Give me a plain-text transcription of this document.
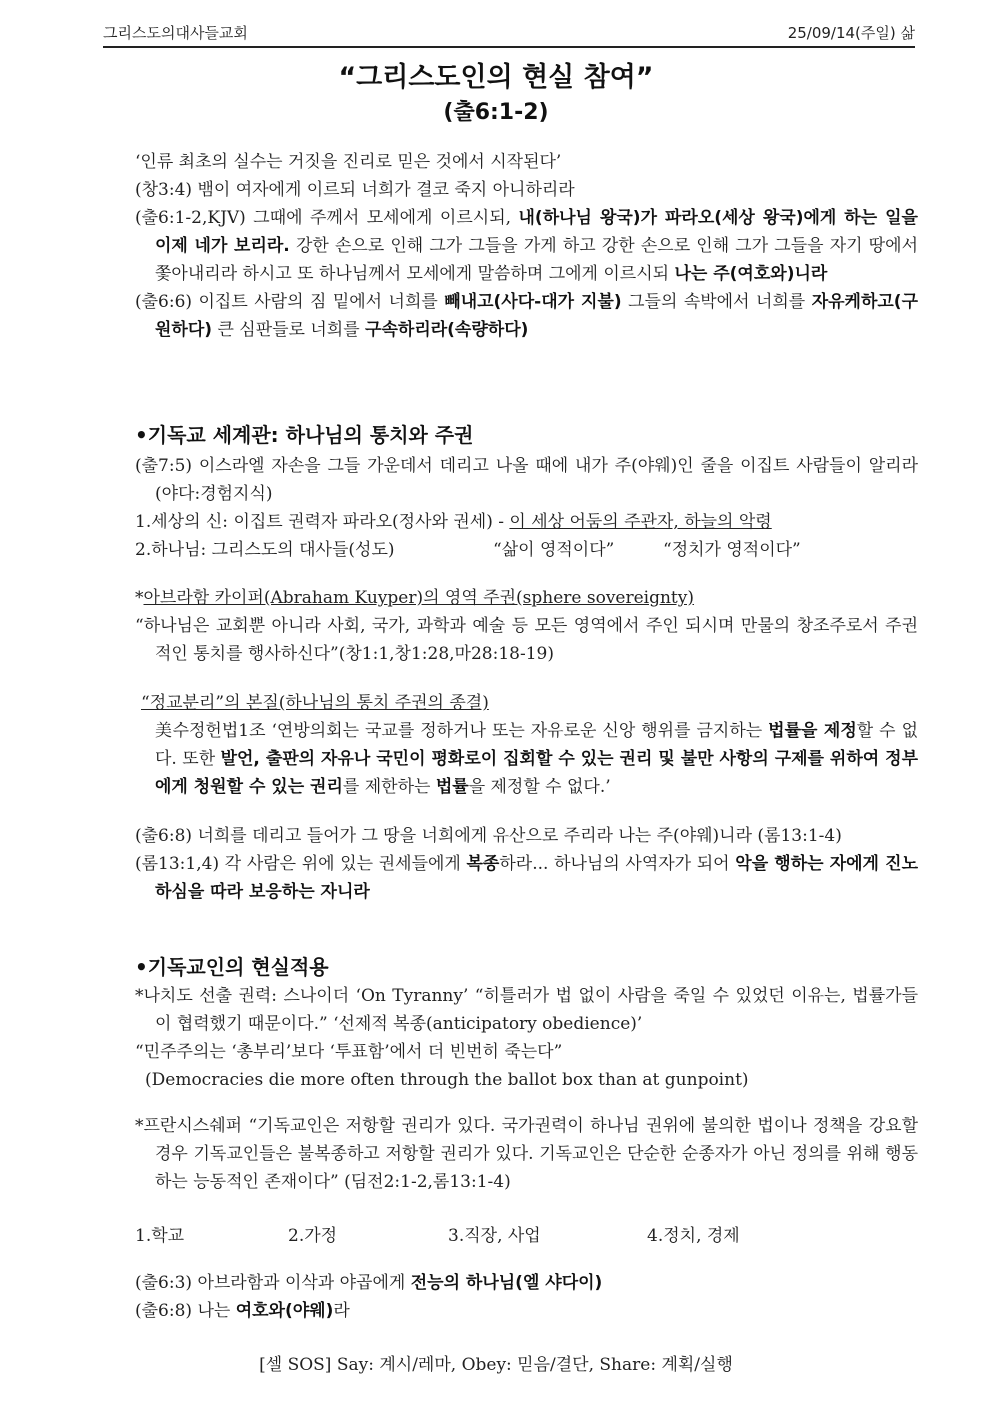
그리스도의대사들교회	25/09/14(주일) 삶
“그리스도인의 현실 참여”
(출6:1-2)

‘인류 최초의 실수는 거짓을 진리로 믿은 것에서 시작된다’

(창3:4) 뱀이 여자에게 이르되 너희가 결코 죽지 아니하리라

(출6:1-2,KJV) 그때에 주께서 모세에게 이르시되, 내(하나님 왕국)가 파라오(세상 왕국)에게 하는 일을 이제 네가 보리라. 강한 손으로 인해 그가 그들을 가게 하고 강한 손으로 인해 그가 그들을 자기 땅에서 쫓아내리라 하시고 또 하나님께서 모세에게 말씀하며 그에게 이르시되 나는 주(여호와)니라

(출6:6) 이집트 사람의 짐 밑에서 너희를 빼내고(사다-대가 지불) 그들의 속박에서 너희를 자유케하고(구원하다) 큰 심판들로 너희를 구속하리라(속량하다)

•기독교 세계관: 하나님의 통치와 주권

(출7:5) 이스라엘 자손을 그들 가운데서 데리고 나올 때에 내가 주(야웨)인 줄을 이집트 사람들이 알리라(야다:경험지식)

1.세상의 신: 이집트 권력자 파라오(정사와 권세) - 이 세상 어둠의 주관자, 하늘의 악령

2.하나님: 그리스도의 대사들(성도)	“삶이 영적이다”	“정치가 영적이다”

*아브라함 카이퍼(Abraham Kuyper)의 영역 주권(sphere sovereignty)

“하나님은 교회뿐 아니라 사회, 국가, 과학과 예술 등 모든 영역에서 주인 되시며 만물의 창조주로서 주권적인 통치를 행사하신다”(창1:1,창1:28,마28:18-19)

“정교분리”의 본질(하나님의 통치 주권의 종결)

美수정헌법1조 ‘연방의회는 국교를 정하거나 또는 자유로운 신앙 행위를 금지하는 법률을 제정할 수 없다. 또한 발언, 출판의 자유나 국민이 평화로이 집회할 수 있는 권리 및 불만 사항의 구제를 위하여 정부에게 청원할 수 있는 권리를 제한하는 법률을 제정할 수 없다.’

(출6:8) 너희를 데리고 들어가 그 땅을 너희에게 유산으로 주리라 나는 주(야웨)니라 (롬13:1-4)

(롬13:1,4) 각 사람은 위에 있는 권세들에게 복종하라... 하나님의 사역자가 되어 악을 행하는 자에게 진노하심을 따라 보응하는 자니라

•기독교인의 현실적용

*나치도 선출 권력: 스나이더 ‘On Tyranny’ “히틀러가 법 없이 사람을 죽일 수 있었던 이유는, 법률가들이 협력했기 때문이다.” ‘선제적 복종(anticipatory obedience)’

“민주주의는 ‘총부리’보다 ‘투표함’에서 더 빈번히 죽는다”

(Democracies die more often through the ballot box than at gunpoint)

*프란시스쉐퍼 “기독교인은 저항할 권리가 있다. 국가권력이 하나님 권위에 불의한 법이나 정책을 강요할 경우 기독교인들은 불복종하고 저항할 권리가 있다. 기독교인은 단순한 순종자가 아닌 정의를 위해 행동하는 능동적인 존재이다” (딤전2:1-2,롬13:1-4)

1.학교	2.가정	3.직장, 사업	4.정치, 경제

(출6:3) 아브라함과 이삭과 야곱에게 전능의 하나님(엘 샤다이)

(출6:8) 나는 여호와(야웨)라

[셀 SOS] Say: 계시/레마, Obey: 믿음/결단, Share: 계획/실행
